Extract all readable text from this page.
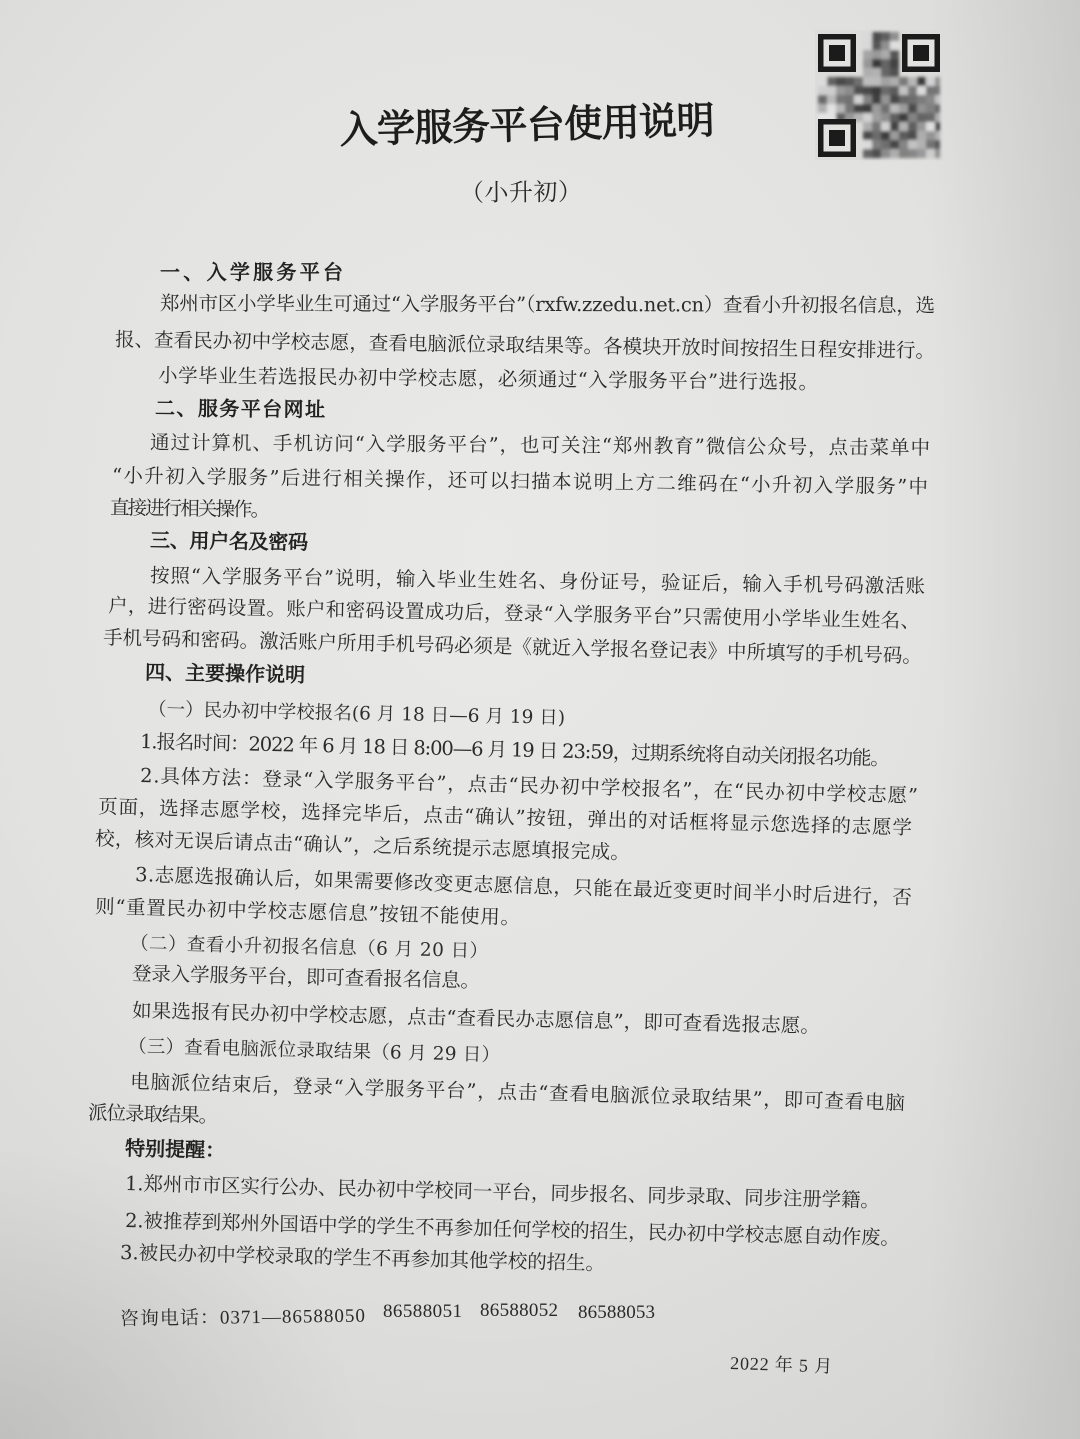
入学服务平台使用说明
（小升初）
一、入学服务平台
郑州市区小学毕业生可通过“入学服务平台”（rxfw.zzedu.net.cn）查看小升初报名信息，选
报、查看民办初中学校志愿，查看电脑派位录取结果等。各模块开放时间按招生日程安排进行。
小学毕业生若选报民办初中学校志愿，必须通过“入学服务平台”进行选报。
二、服务平台网址
通过计算机、手机访问“入学服务平台”，也可关注“郑州教育”微信公众号，点击菜单中
“小升初入学服务”后进行相关操作，还可以扫描本说明上方二维码在“小升初入学服务”中
直接进行相关操作。
三、用户名及密码
按照“入学服务平台”说明，输入毕业生姓名、身份证号，验证后，输入手机号码激活账
户，进行密码设置。账户和密码设置成功后，登录“入学服务平台”只需使用小学毕业生姓名、
手机号码和密码。激活账户所用手机号码必须是《就近入学报名登记表》中所填写的手机号码。
四、主要操作说明
（一）民办初中学校报名(6 月 18 日—6 月 19 日)
1.报名时间：2022 年 6 月 18 日 8:00—6 月 19 日 23:59，过期系统将自动关闭报名功能。
2.具体方法：登录“入学服务平台”，点击“民办初中学校报名”，在“民办初中学校志愿”
页面，选择志愿学校，选择完毕后，点击“确认”按钮，弹出的对话框将显示您选择的志愿学
校，核对无误后请点击“确认”，之后系统提示志愿填报完成。
3.志愿选报确认后，如果需要修改变更志愿信息，只能在最近变更时间半小时后进行，否
则“重置民办初中学校志愿信息”按钮不能使用。
（二）查看小升初报名信息（6 月 20 日）
登录入学服务平台，即可查看报名信息。
如果选报有民办初中学校志愿，点击“查看民办志愿信息”，即可查看选报志愿。
（三）查看电脑派位录取结果（6 月 29 日）
电脑派位结束后，登录“入学服务平台”，点击“查看电脑派位录取结果”，即可查看电脑
派位录取结果。
特别提醒：
1.郑州市市区实行公办、民办初中学校同一平台，同步报名、同步录取、同步注册学籍。
2.被推荐到郑州外国语中学的学生不再参加任何学校的招生，民办初中学校志愿自动作废。
3.被民办初中学校录取的学生不再参加其他学校的招生。
咨询电话：0371—86588050 86588051 86588052 86588053
2022 年 5 月
